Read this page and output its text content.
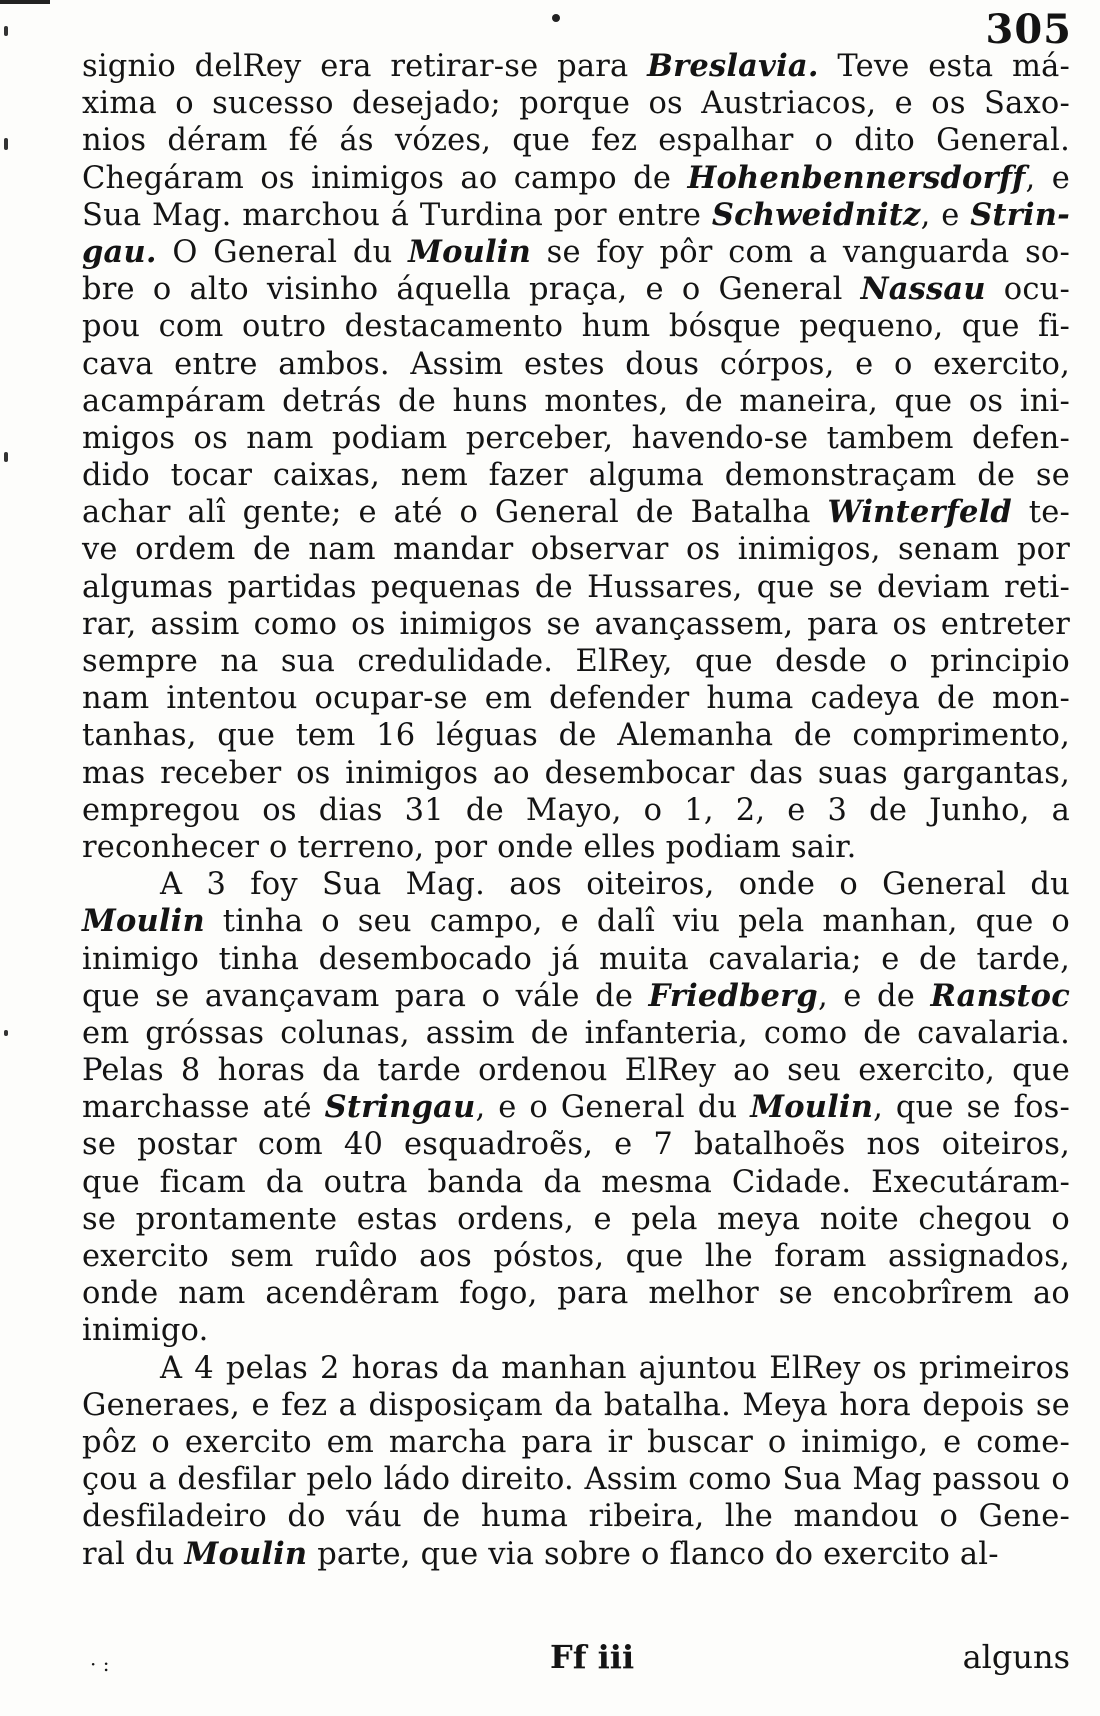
305
signio delRey era retirar-se para Breslavia. Teve esta má-
xima o sucesso desejado; porque os Austriacos, e os Saxo-
nios déram fé ás vózes, que fez espalhar o dito General.
Chegáram os inimigos ao campo de Hohenbennersdorff, e
Sua Mag. marchou á Turdina por entre Schweidnitz, e Strin-
gau. O General du Moulin se foy pôr com a vanguarda so-
bre o alto visinho áquella praça, e o General Nassau ocu-
pou com outro destacamento hum bósque pequeno, que fi-
cava entre ambos. Assim estes dous córpos, e o exercito,
acampáram detrás de huns montes, de maneira, que os ini-
migos os nam podiam perceber, havendo-se tambem defen-
dido tocar caixas, nem fazer alguma demonstraçam de se
achar alî gente; e até o General de Batalha Winterfeld te-
ve ordem de nam mandar observar os inimigos, senam por
algumas partidas pequenas de Hussares, que se deviam reti-
rar, assim como os inimigos se avançassem, para os entreter
sempre na sua credulidade. ElRey, que desde o principio
nam intentou ocupar-se em defender huma cadeya de mon-
tanhas, que tem 16 léguas de Alemanha de comprimento,
mas receber os inimigos ao desembocar das suas gargantas,
empregou os dias 31 de Mayo, o 1, 2, e 3 de Junho, a
reconhecer o terreno, por onde elles podiam sair.
A 3 foy Sua Mag. aos oiteiros, onde o General du
Moulin tinha o seu campo, e dalî viu pela manhan, que o
inimigo tinha desembocado já muita cavalaria; e de tarde,
que se avançavam para o vále de Friedberg, e de Ranstoc
em gróssas colunas, assim de infanteria, como de cavalaria.
Pelas 8 horas da tarde ordenou ElRey ao seu exercito, que
marchasse até Stringau, e o General du Moulin, que se fos-
se postar com 40 esquadroẽs, e 7 batalhoẽs nos oiteiros,
que ficam da outra banda da mesma Cidade. Executáram-
se prontamente estas ordens, e pela meya noite chegou o
exercito sem ruîdo aos póstos, que lhe foram assignados,
onde nam acendêram fogo, para melhor se encobrîrem ao
inimigo.
A 4 pelas 2 horas da manhan ajuntou ElRey os primeiros
Generaes, e fez a disposiçam da batalha. Meya hora depois se
pôz o exercito em marcha para ir buscar o inimigo, e come-
çou a desfilar pelo ládo direito. Assim como Sua Mag passou o
desfiladeiro do váu de huma ribeira, lhe mandou o Gene-
ral du Moulin parte, que via sobre o flanco do exercito al-
· :	Ff iii	alguns
